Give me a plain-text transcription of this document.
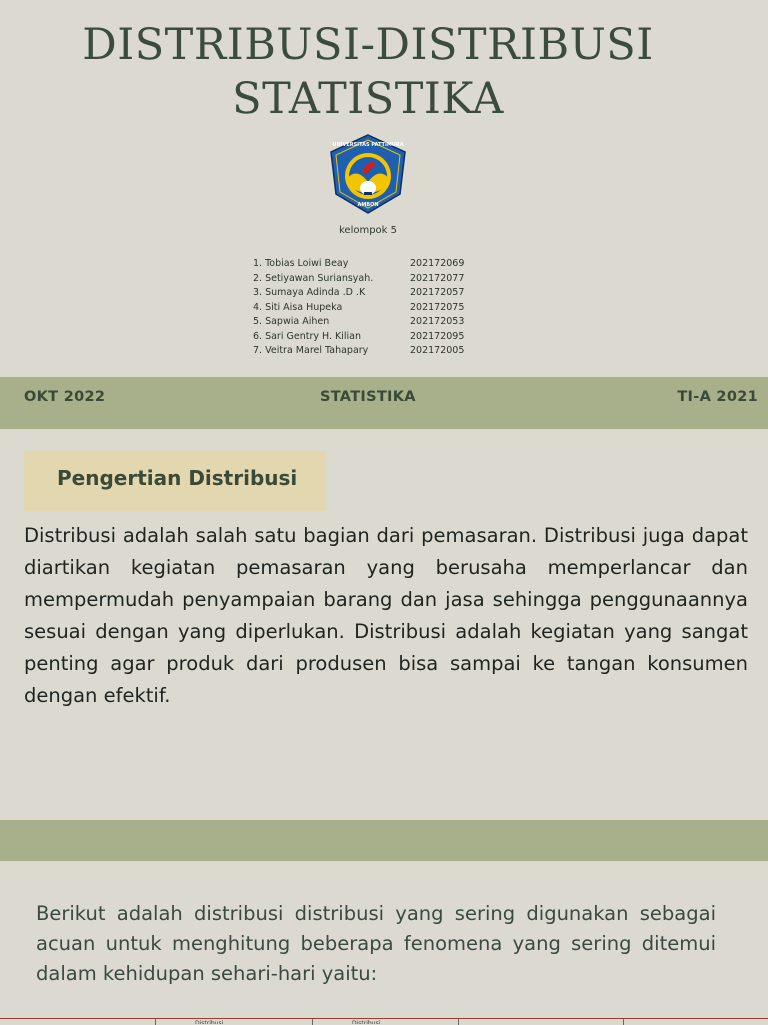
DISTRIBUSI-DISTRIBUSI
STATISTIKA
UNIVERSITAS PATTIMURA
AMBON
kelompok 5
1. Tobias Loiwi Beay	202172069
2. Setiyawan Suriansyah.	202172077
3. Sumaya Adinda .D .K	202172057
4. Siti Aisa Hupeka	202172075
5. Sapwia Aihen	202172053
6. Sari Gentry H. Kilian	202172095
7. Veitra Marel Tahapary	202172005
OKT 2022	STATISTIKA	TI-A 2021
Pengertian Distribusi
Distribusi adalah salah satu bagian dari pemasaran. Distribusi juga dapat diartikan kegiatan pemasaran yang berusaha memperlancar dan mempermudah penyampaian barang dan jasa sehingga penggunaannya sesuai dengan yang diperlukan. Distribusi adalah kegiatan yang sangat penting agar produk dari produsen bisa sampai ke tangan konsumen dengan efektif.
Berikut adalah distribusi distribusi yang sering digunakan sebagai acuan untuk menghitung beberapa fenomena yang sering ditemui dalam kehidupan sehari-hari yaitu:
Distribusi	Distribusi
